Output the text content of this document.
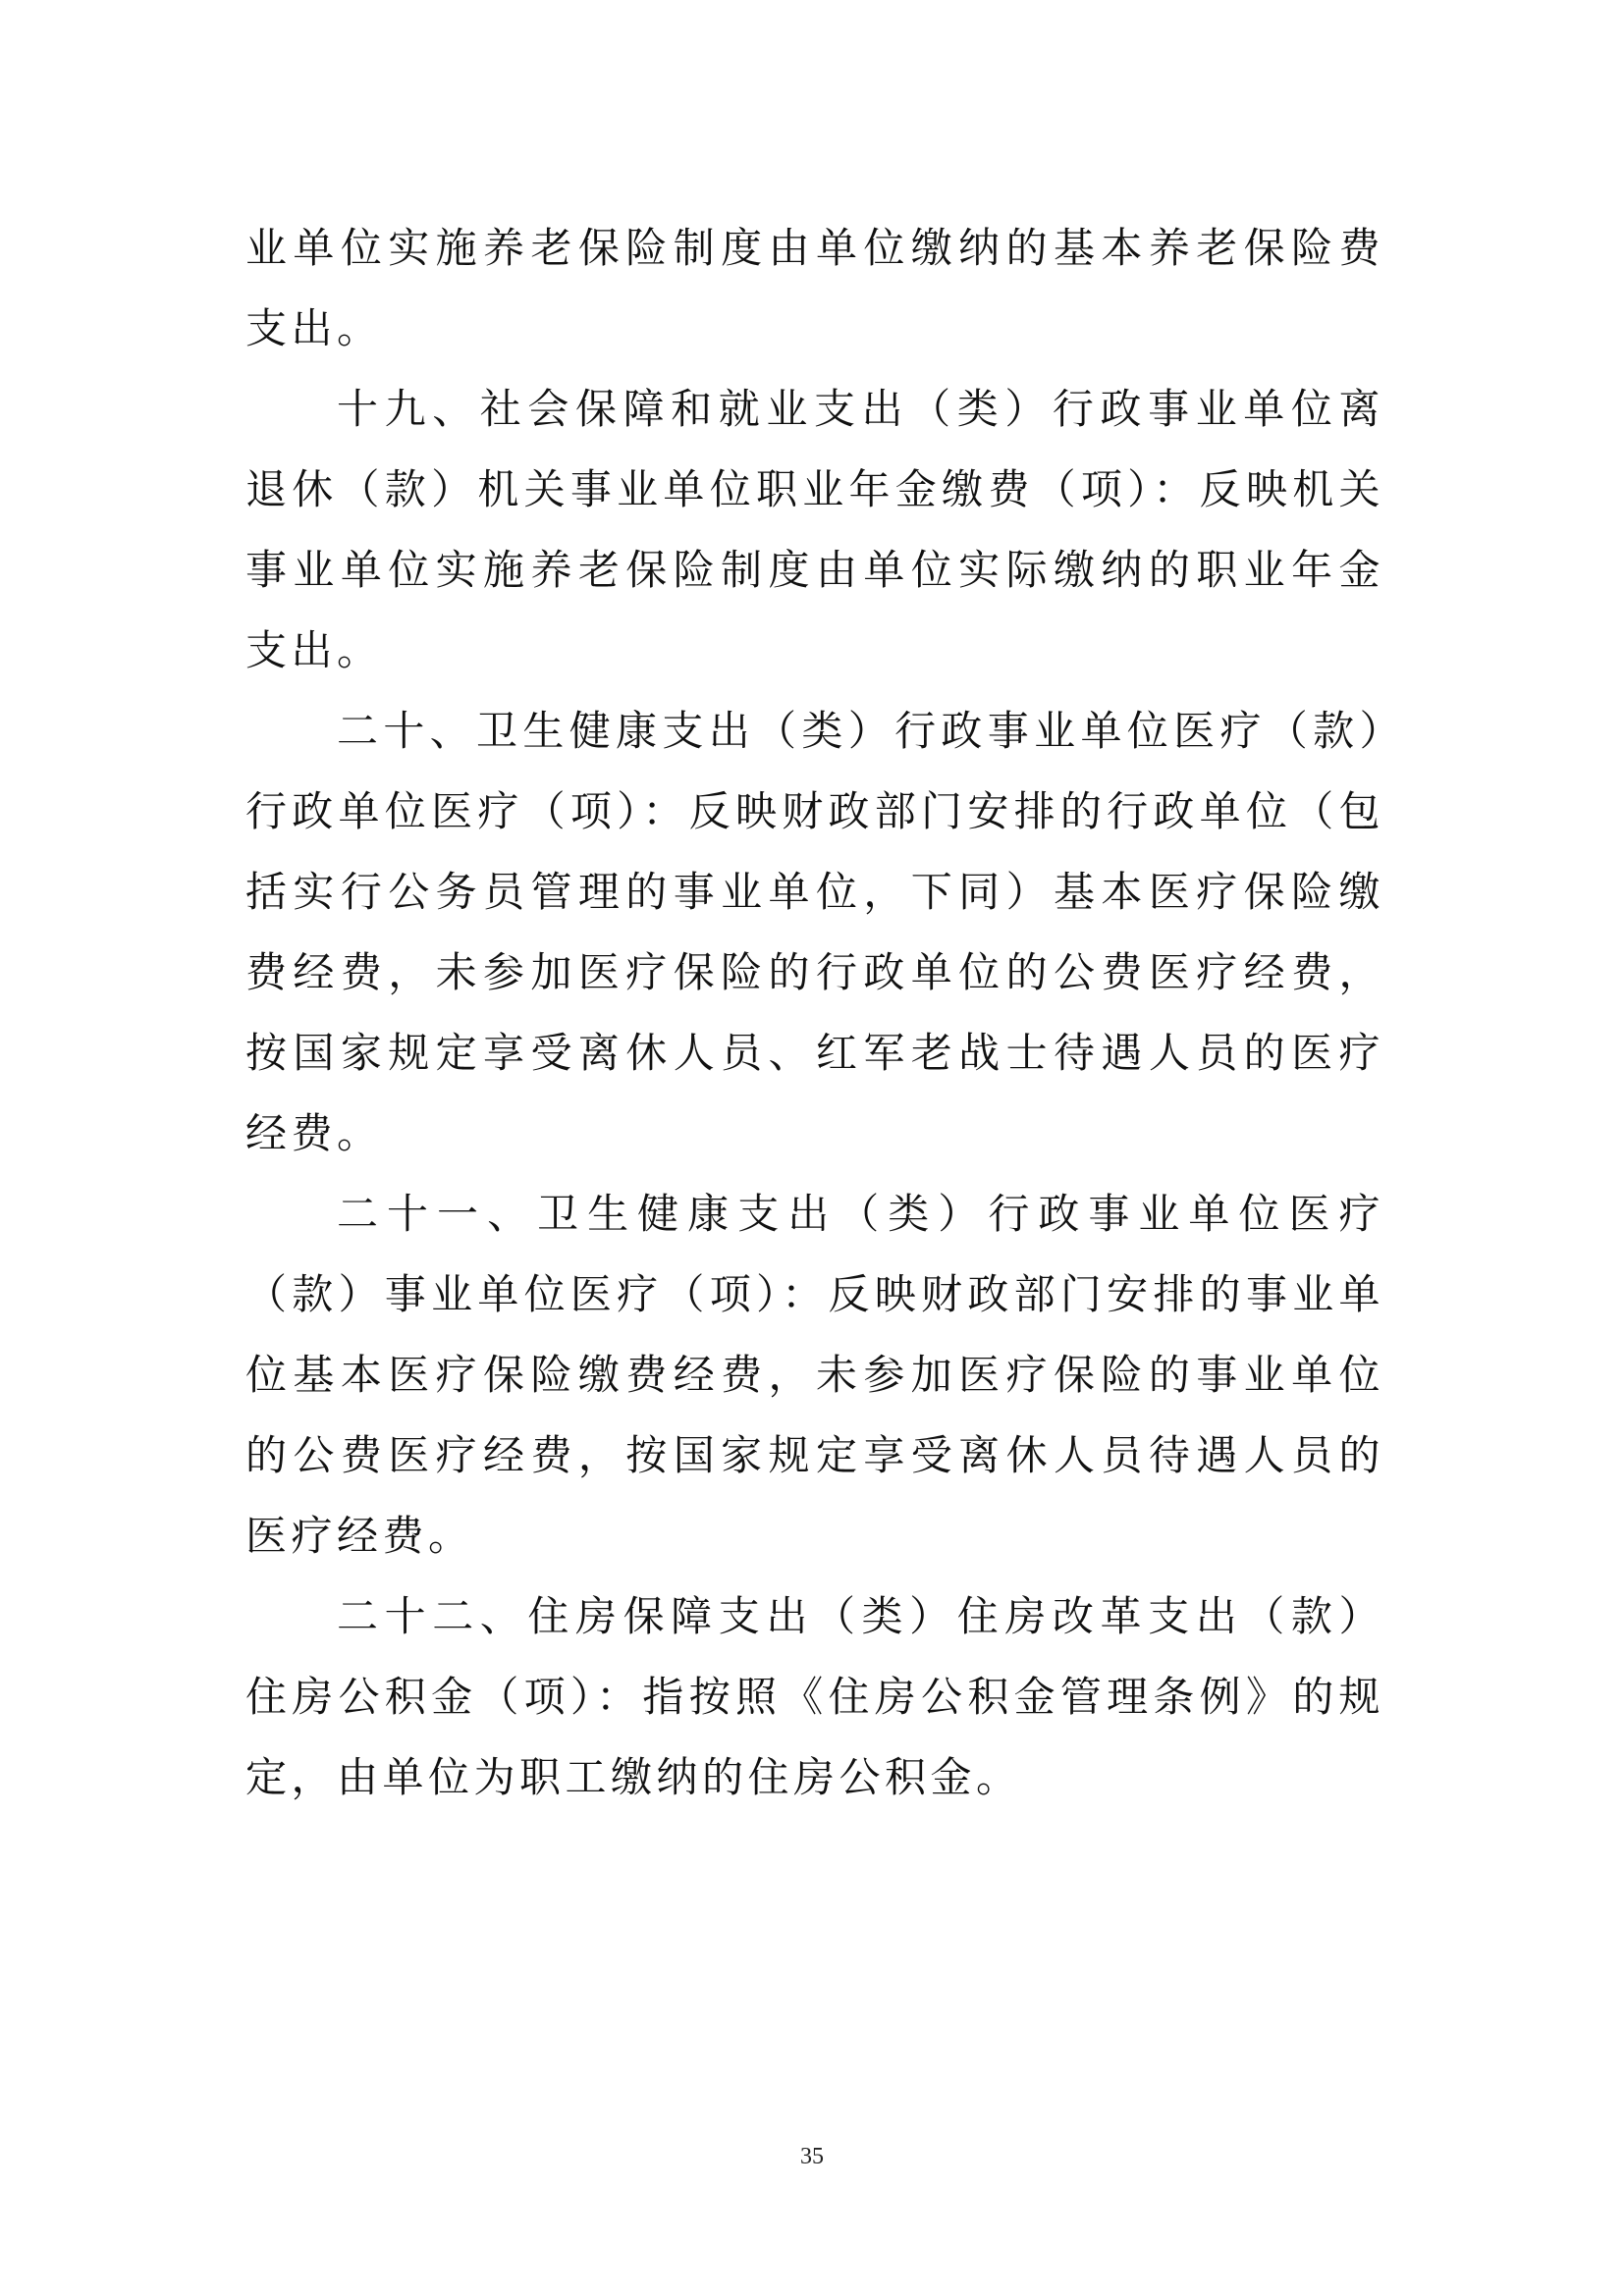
业单位实施养老保险制度由单位缴纳的基本养老保险费支出。

十九、社会保障和就业支出（类）行政事业单位离退休（款）机关事业单位职业年金缴费（项）：反映机关事业单位实施养老保险制度由单位实际缴纳的职业年金支出。

二十、卫生健康支出（类）行政事业单位医疗（款）行政单位医疗（项）：反映财政部门安排的行政单位（包括实行公务员管理的事业单位，下同）基本医疗保险缴费经费，未参加医疗保险的行政单位的公费医疗经费，按国家规定享受离休人员、红军老战士待遇人员的医疗经费。

二十一、卫生健康支出（类）行政事业单位医疗（款）事业单位医疗（项）：反映财政部门安排的事业单位基本医疗保险缴费经费，未参加医疗保险的事业单位的公费医疗经费，按国家规定享受离休人员待遇人员的医疗经费。

二十二、住房保障支出（类）住房改革支出（款）住房公积金（项）：指按照《住房公积金管理条例》的规定，由单位为职工缴纳的住房公积金。

35
